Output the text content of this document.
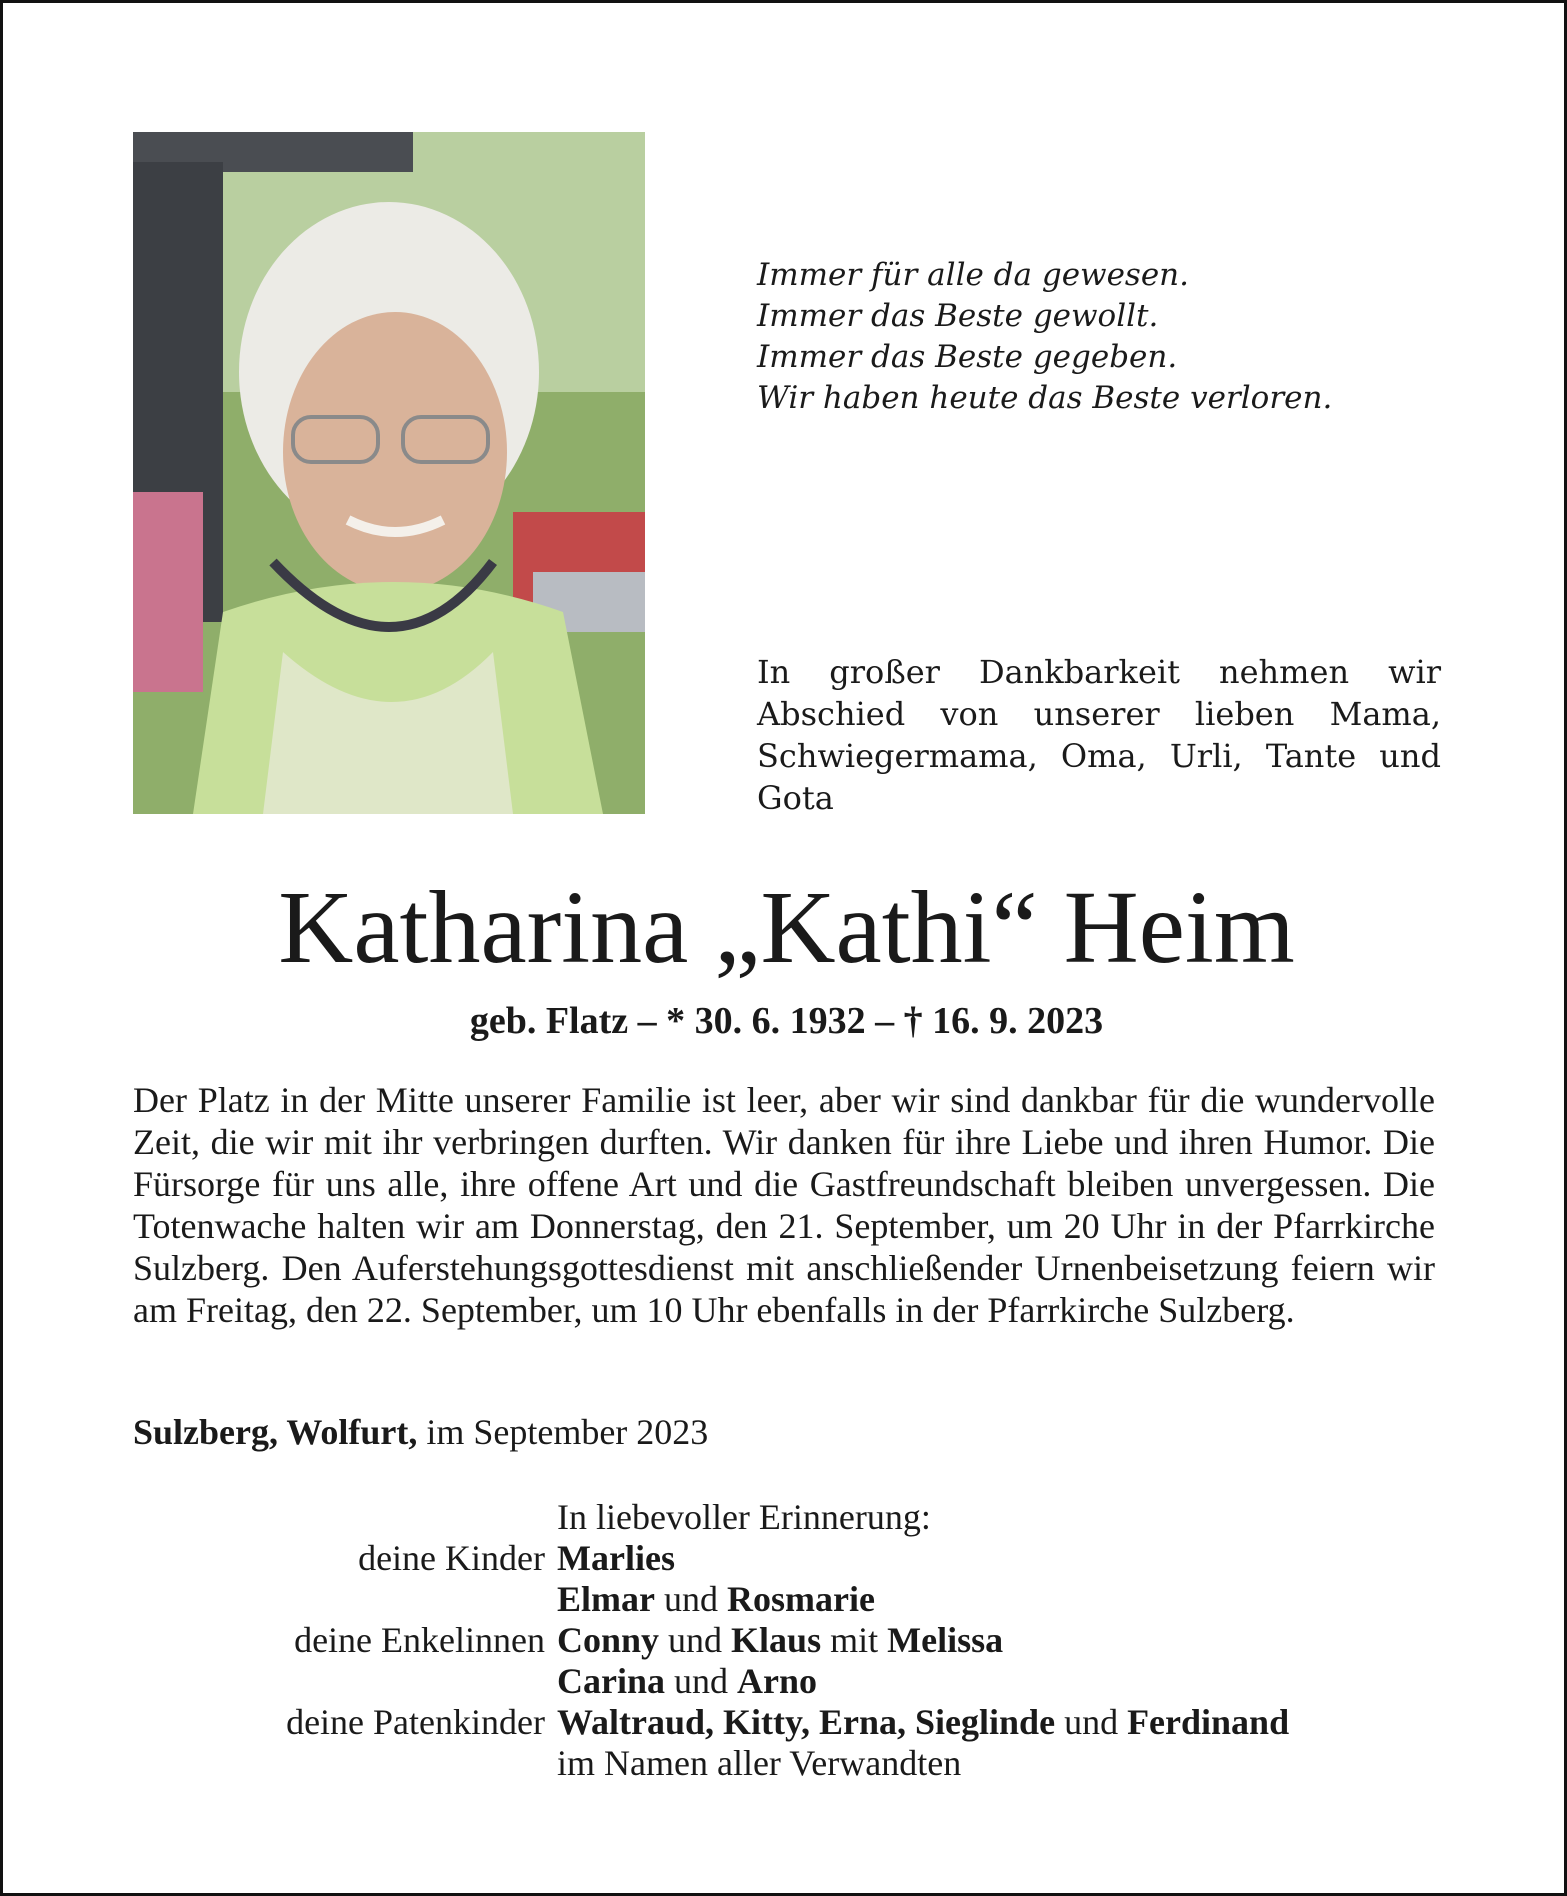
Immer für alle da gewesen.
Immer das Beste gewollt.
Immer das Beste gegeben.
Wir haben heute das Beste verloren.
In großer Dankbarkeit nehmen wir Abschied von unserer lieben Mama, Schwiegermama, Oma, Urli, Tante und Gota
Katharina „Kathi“ Heim
geb. Flatz – * 30. 6. 1932 – † 16. 9. 2023
Der Platz in der Mitte unserer Familie ist leer, aber wir sind dankbar für die wundervolle Zeit, die wir mit ihr verbringen durften. Wir danken für ihre Liebe und ihren Humor. Die Fürsorge für uns alle, ihre offene Art und die Gastfreundschaft bleiben unvergessen. Die Totenwache halten wir am Donnerstag, den 21. September, um 20 Uhr in der Pfarrkirche Sulzberg. Den Auferstehungsgottesdienst mit anschließender Urnenbeisetzung feiern wir am Freitag, den 22. September, um 10 Uhr ebenfalls in der Pfarrkirche Sulzberg.
Sulzberg, Wolfurt, im September 2023
In liebevoller Erinnerung:
deine Kinder Marlies
Elmar und Rosmarie
deine Enkelinnen Conny und Klaus mit Melissa
Carina und Arno
deine Patenkinder Waltraud, Kitty, Erna, Sieglinde und Ferdinand
im Namen aller Verwandten
